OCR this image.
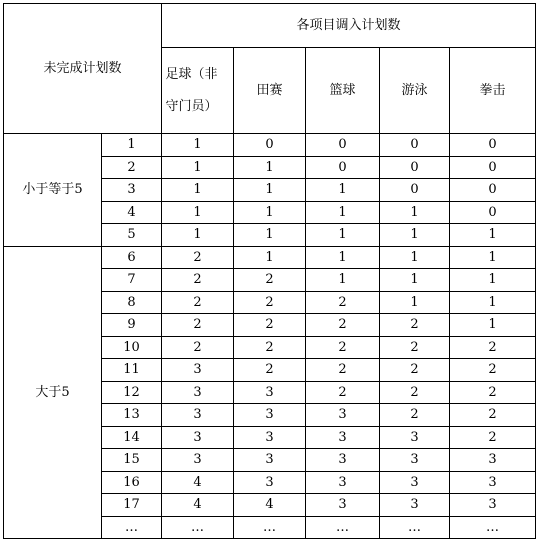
未完成计划数		各项目调入计划数				
		足球（非守门员）	田赛	篮球	游泳	拳击
小于等于5	1	1	0	0	0	0
	2	1	1	0	0	0
	3	1	1	1	0	0
	4	1	1	1	1	0
	5	1	1	1	1	1
大于5	6	2	1	1	1	1
	7	2	2	1	1	1
	8	2	2	2	1	1
	9	2	2	2	2	1
	10	2	2	2	2	2
	11	3	2	2	2	2
	12	3	3	2	2	2
	13	3	3	3	2	2
	14	3	3	3	3	2
	15	3	3	3	3	3
	16	4	3	3	3	3
	17	4	4	3	3	3
	…	…	…	…	…	…
